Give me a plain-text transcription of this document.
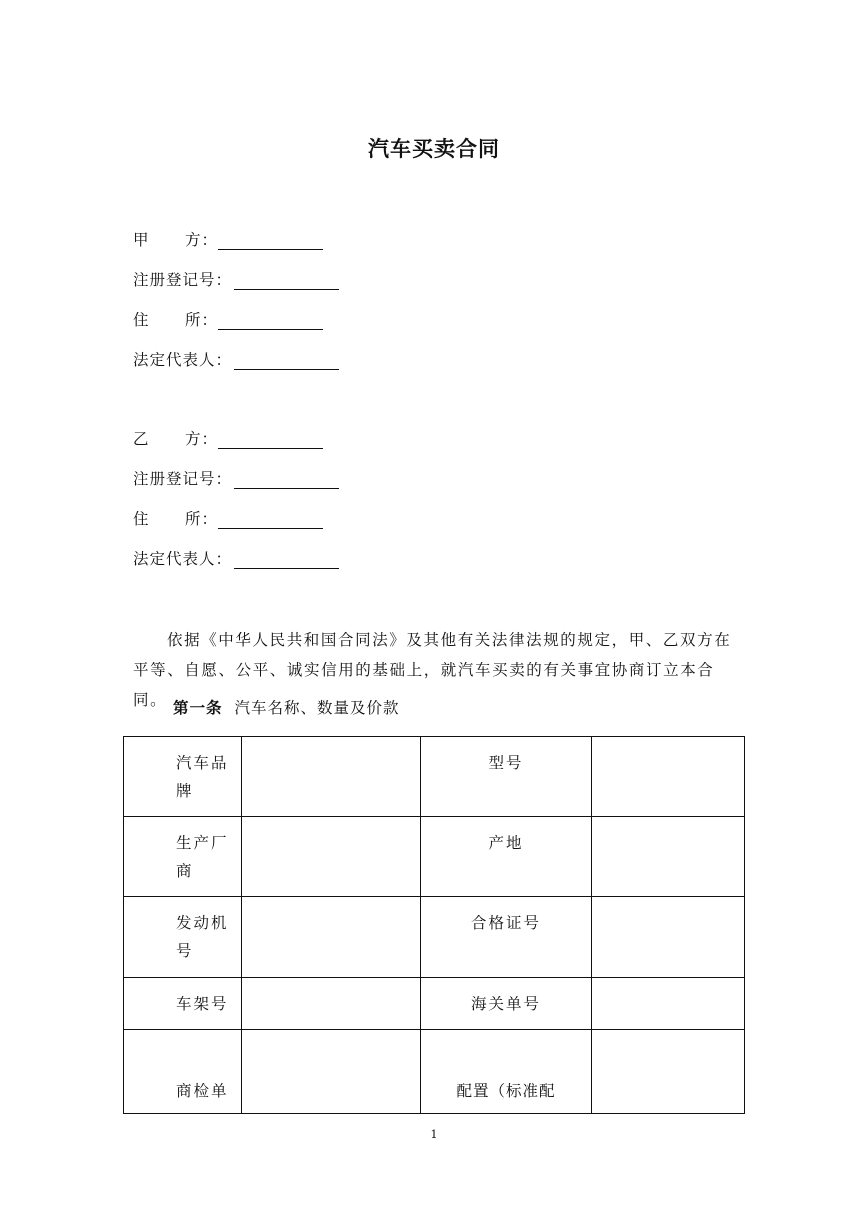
汽车买卖合同
甲      方：
注册登记号：
住      所：
法定代表人：
乙      方：
注册登记号：
住      所：
法定代表人：
依据《中华人民共和国合同法》及其他有关法律法规的规定，甲、乙双方在
平等、自愿、公平、诚实信用的基础上，就汽车买卖的有关事宜协商订立本合同。 第一条 汽车名称、数量及价款
汽车品
牌		型号	
生产厂
商		产地	
发动机
号		合格证号	
车架号		海关单号	
商检单		配置（标准配	
1
